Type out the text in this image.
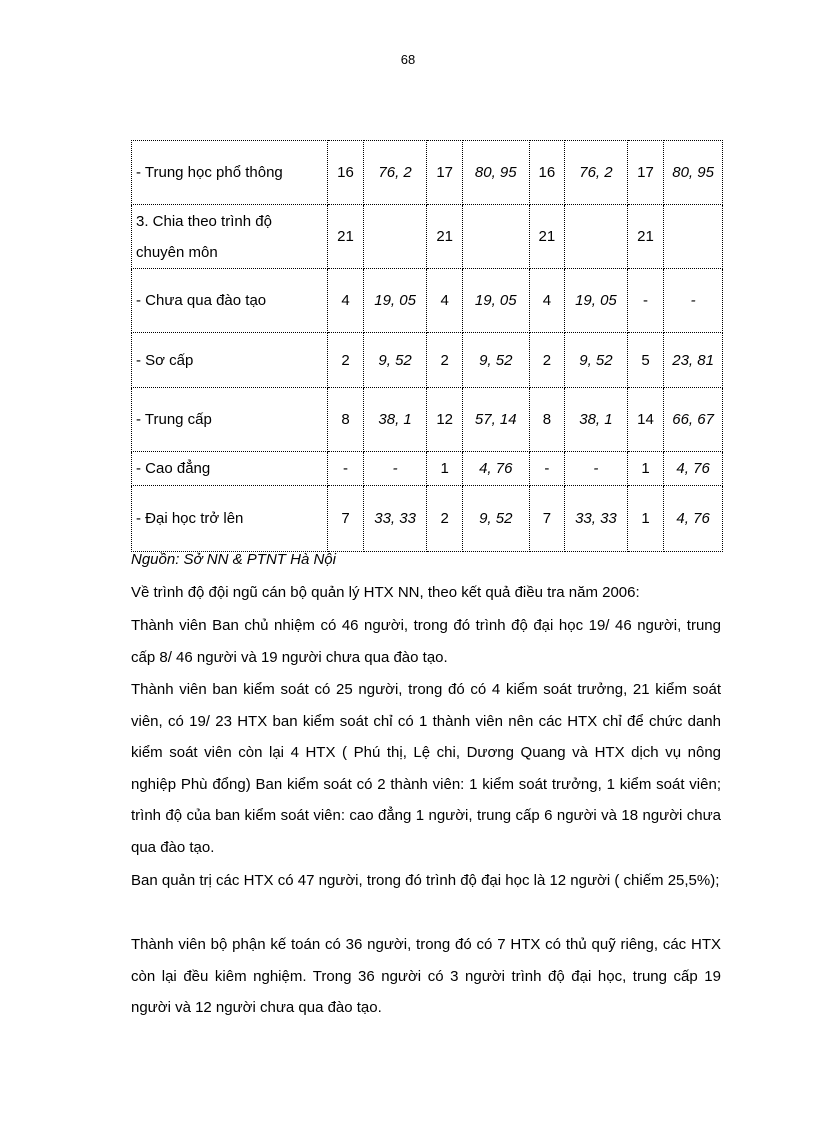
68
- Trung học phổ thông	16	76, 2	17	80, 95	16	76, 2	17	80, 95
3. Chia theo trình độ chuyên môn	21		21		21		21	
- Chưa qua đào tạo	4	19, 05	4	19, 05	4	19, 05	-	-
- Sơ cấp	2	9, 52	2	9, 52	2	9, 52	5	23, 81
- Trung cấp	8	38, 1	12	57, 14	8	38, 1	14	66, 67
- Cao đẳng	-	-	1	4, 76	-	-	1	4, 76
- Đại học trở lên	7	33, 33	2	9, 52	7	33, 33	1	4, 76
Nguồn: Sở NN & PTNT Hà Nội

Về trình độ đội ngũ cán bộ quản lý HTX NN, theo kết quả điều tra năm 2006:

Thành viên Ban chủ nhiệm có 46 người, trong đó trình độ đại học 19/ 46 người, trung cấp 8/ 46 người và 19 người chưa qua đào tạo.

Thành viên ban kiểm soát có 25 người, trong đó có 4 kiểm soát trưởng, 21 kiểm soát viên, có 19/ 23 HTX ban kiểm soát chỉ có 1 thành viên nên các HTX chỉ để chức danh kiểm soát viên còn lại 4 HTX ( Phú thị, Lệ chi, Dương Quang và HTX dịch vụ nông nghiệp Phù đổng) Ban kiểm soát có 2 thành viên: 1 kiểm soát trưởng, 1 kiểm soát viên; trình độ của ban kiểm soát viên: cao đẳng 1 người, trung cấp 6 người và 18 người chưa qua đào tạo.

Ban quản trị các HTX có 47 người, trong đó trình độ đại học là 12 người ( chiếm 25,5%);

Thành viên bộ phận kế toán có 36 người, trong đó có 7 HTX có thủ quỹ riêng, các HTX còn lại đều kiêm nghiệm. Trong 36 người có 3 người trình độ đại học, trung cấp 19 người và 12 người chưa qua đào tạo.
